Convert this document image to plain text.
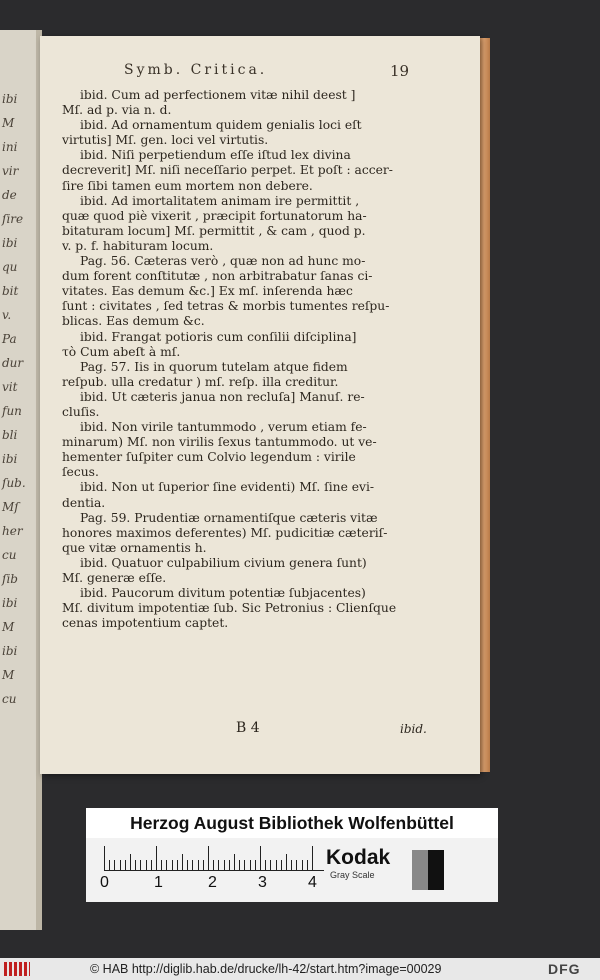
ibi
M
ini
vir
de
ſire
ibi
qu
bit
v.
Pa
dur
vit
fun
bli
ibi
ſub.
Mſ
her
cu
ſib
ibi
M
ibi
M
cu
Symb. Critica.	19
ibid. Cum ad perfectionem vitæ nihil deest ]
Mſ. ad p. via n. d.
ibid. Ad ornamentum quidem genialis loci eſt
virtutis] Mſ. gen. loci vel virtutis.
ibid. Niſi perpetiendum eſſe iſtud lex divina
decreverit] Mſ. niſi neceſſario perpet. Et poſt : accer-
ſire ſibi tamen eum mortem non debere.
ibid. Ad imortalitatem animam ire permittit ,
quæ quod piè vixerit , præcipit fortunatorum ha-
bitaturam locum] Mſ. permittit , & cam , quod p.
v. p. f. habituram locum.
Pag. 56. Cæteras verò , quæ non ad hunc mo-
dum forent conſtitutæ , non arbitrabatur ſanas ci-
vitates. Eas demum &c.] Ex mſ. inſerenda hæc
ſunt : civitates , ſed tetras & morbis tumentes reſpu-
blicas. Eas demum &c.
ibid. Frangat potioris cum conſilii diſciplina]
τὸ Cum abeſt à mſ.
Pag. 57. Iis in quorum tutelam atque fidem
reſpub. ulla credatur ) mſ. reſp. illa creditur.
ibid. Ut cæteris janua non recluſa] Manuſ. re-
cluſis.
ibid. Non virile tantummodo , verum etiam fe-
minarum) Mſ. non virilis ſexus tantummodo. ut ve-
hementer ſuſpiter cum Colvio legendum : virile
ſecus.
ibid. Non ut ſuperior ſine evidenti) Mſ. ſine evi-
dentia.
Pag. 59. Prudentiæ ornamentiſque cæteris vitæ
honores maximos deferentes) Mſ. pudicitiæ cæteriſ-
que vitæ ornamentis h.
ibid. Quatuor culpabilium civium genera ſunt)
Mſ. generæ eſſe.
ibid. Paucorum divitum potentiæ ſubjacentes)
Mſ. divitum impotentiæ ſub. Sic Petronius : Clienſque
cenas impotentium captet.
B 4	ibid.
Herzog August Bibliothek Wolfenbüttel
0	1	2	3	4
Kodak
Gray Scale
© HAB http://diglib.hab.de/drucke/lh-42/start.htm?image=00029	DFG
